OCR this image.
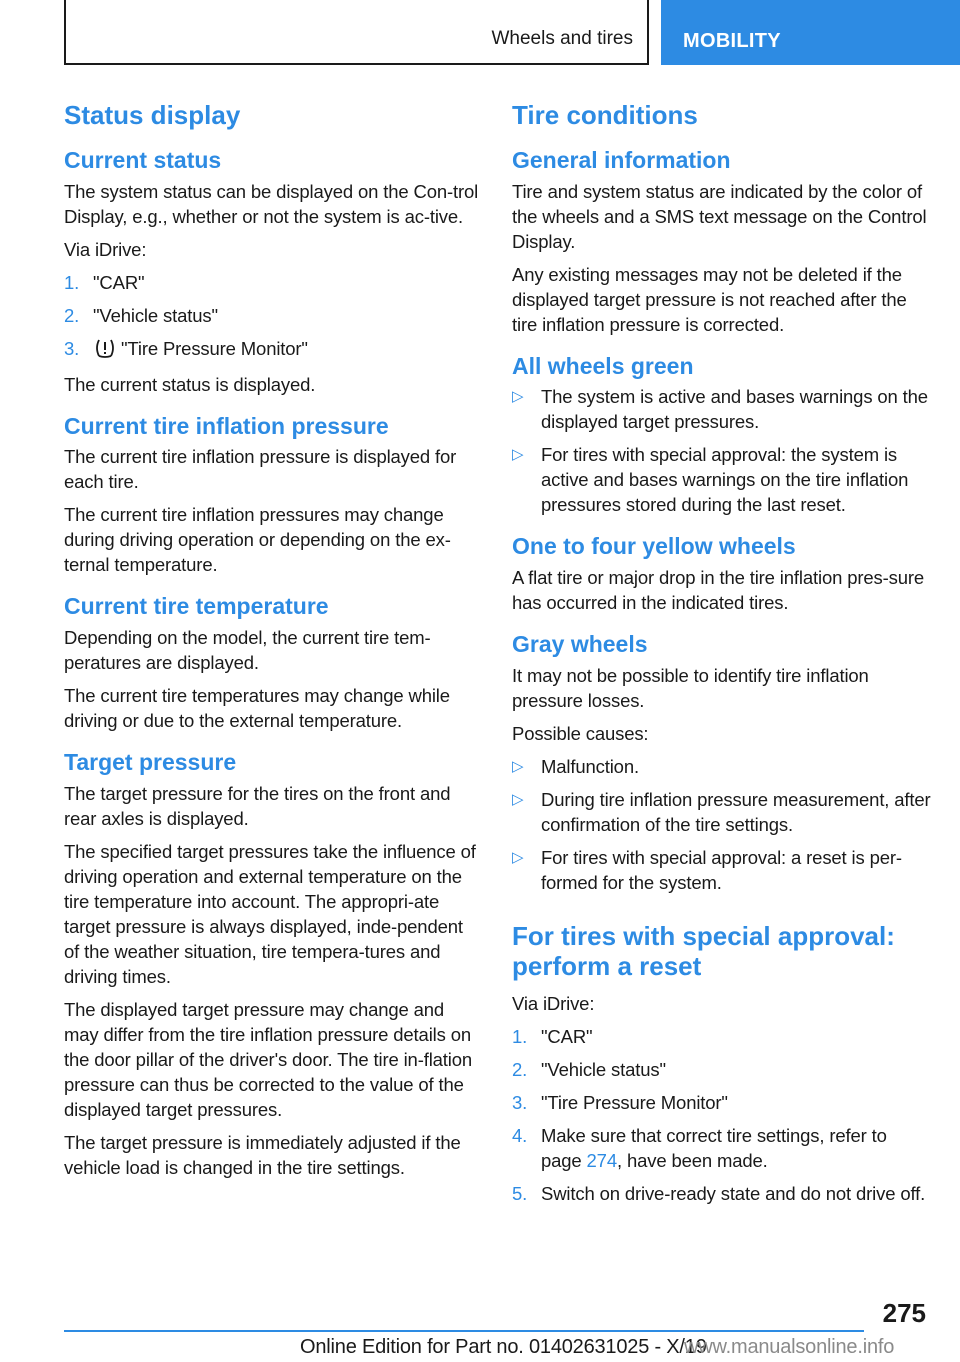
Wheels and tires	MOBILITY
Status display
Current status

The system status can be displayed on the Con-trol Display, e.g., whether or not the system is ac-tive.

Via iDrive:

1. "CAR"
2. "Vehicle status"
3. "Tire Pressure Monitor"

The current status is displayed.

Current tire inflation pressure

The current tire inflation pressure is displayed for each tire.

The current tire inflation pressures may change during driving operation or depending on the ex-ternal temperature.

Current tire temperature

Depending on the model, the current tire tem-peratures are displayed.

The current tire temperatures may change while driving or due to the external temperature.

Target pressure

The target pressure for the tires on the front and rear axles is displayed.

The specified target pressures take the influence of driving operation and external temperature on the tire temperature into account. The appropri-ate target pressure is always displayed, inde-pendent of the weather situation, tire tempera-tures and driving times.

The displayed target pressure may change and may differ from the tire inflation pressure details on the door pillar of the driver's door. The tire in-flation pressure can thus be corrected to the value of the displayed target pressures.

The target pressure is immediately adjusted if the vehicle load is changed in the tire settings.

Tire conditions
General information

Tire and system status are indicated by the color of the wheels and a SMS text message on the Control Display.

Any existing messages may not be deleted if the displayed target pressure is not reached after the tire inflation pressure is corrected.

All wheels green
▷ The system is active and bases warnings on the displayed target pressures.
▷ For tires with special approval: the system is active and bases warnings on the tire inflation pressures stored during the last reset.
One to four yellow wheels

A flat tire or major drop in the tire inflation pres-sure has occurred in the indicated tires.

Gray wheels

It may not be possible to identify tire inflation pressure losses.

Possible causes:

▷ Malfunction.
▷ During tire inflation pressure measurement, after confirmation of the tire settings.
▷ For tires with special approval: a reset is per-formed for the system.
For tires with special approval: perform a reset

Via iDrive:

1. "CAR"
2. "Vehicle status"
3. "Tire Pressure Monitor"
4. Make sure that correct tire settings, refer to page 274, have been made.
5. Switch on drive-ready state and do not drive off.
275
Online Edition for Part no. 01402631025 - X/19
www.manualsonline.info
